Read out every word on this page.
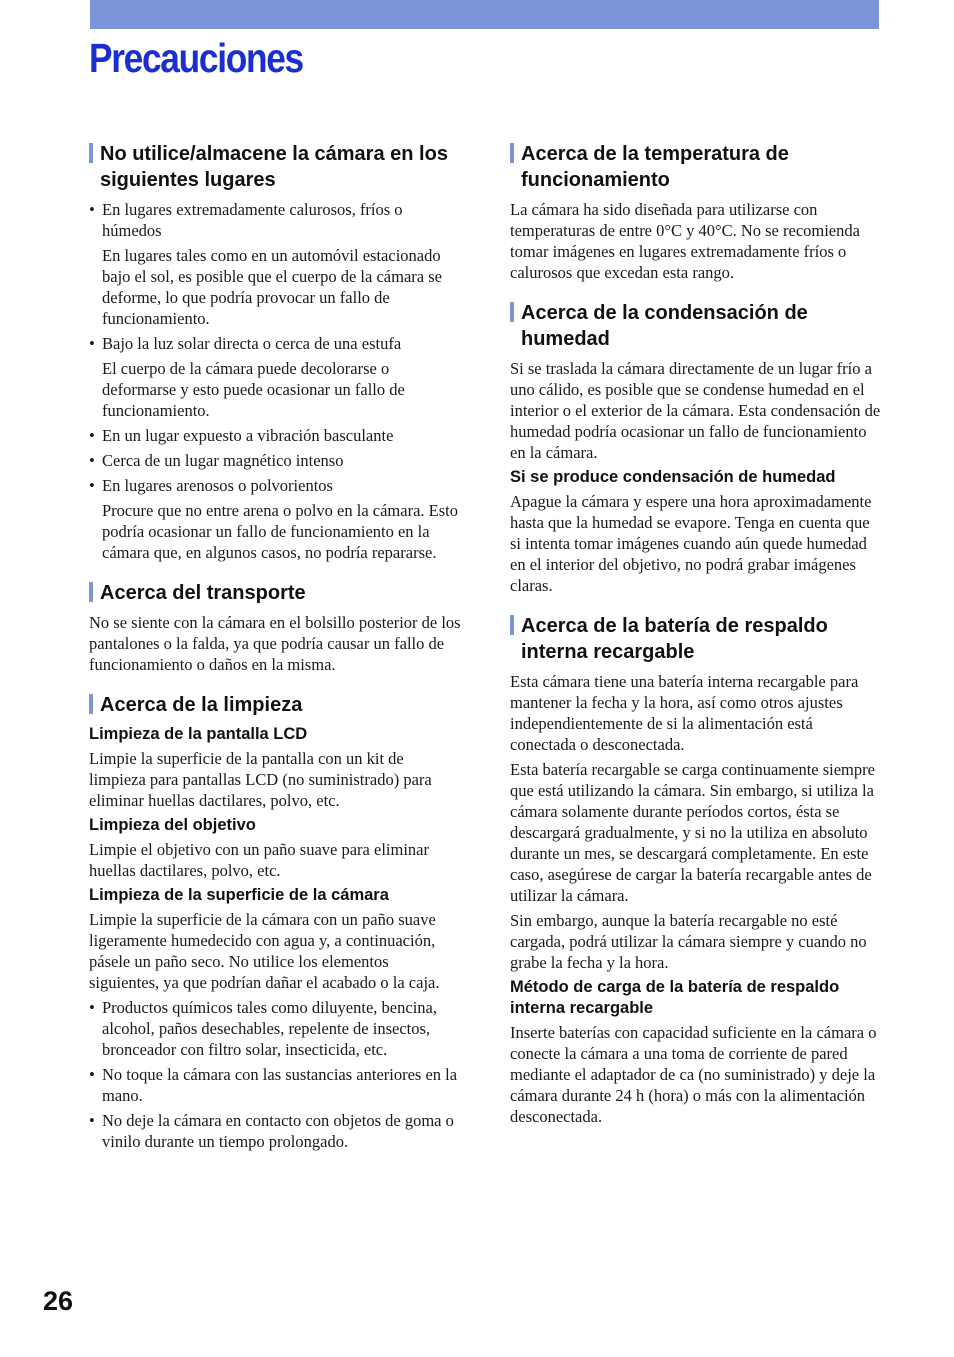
Precauciones
No utilice/almacene la cámara en los siguientes lugares
• En lugares extremadamente calurosos, fríos o húmedos
En lugares tales como en un automóvil estacionado bajo el sol, es posible que el cuerpo de la cámara se deforme, lo que podría provocar un fallo de funcionamiento.
• Bajo la luz solar directa o cerca de una estufa
El cuerpo de la cámara puede decolorarse o deformarse y esto puede ocasionar un fallo de funcionamiento.
• En un lugar expuesto a vibración basculante
• Cerca de un lugar magnético intenso
• En lugares arenosos o polvorientos
Procure que no entre arena o polvo en la cámara. Esto podría ocasionar un fallo de funcionamiento en la cámara que, en algunos casos, no podría repararse.
Acerca del transporte

No se siente con la cámara en el bolsillo posterior de los pantalones o la falda, ya que podría causar un fallo de funcionamiento o daños en la misma.

Acerca de la limpieza
Limpieza de la pantalla LCD

Limpie la superficie de la pantalla con un kit de limpieza para pantallas LCD (no suministrado) para eliminar huellas dactilares, polvo, etc.

Limpieza del objetivo

Limpie el objetivo con un paño suave para eliminar huellas dactilares, polvo, etc.

Limpieza de la superficie de la cámara

Limpie la superficie de la cámara con un paño suave ligeramente humedecido con agua y, a continuación, pásele un paño seco. No utilice los elementos siguientes, ya que podrían dañar el acabado o la caja.

• Productos químicos tales como diluyente, bencina, alcohol, paños desechables, repelente de insectos, bronceador con filtro solar, insecticida, etc.
• No toque la cámara con las sustancias anteriores en la mano.
• No deje la cámara en contacto con objetos de goma o vinilo durante un tiempo prolongado.
Acerca de la temperatura de funcionamiento

La cámara ha sido diseñada para utilizarse con temperaturas de entre 0°C y 40°C. No se recomienda tomar imágenes en lugares extremadamente fríos o calurosos que excedan esta rango.

Acerca de la condensación de humedad

Si se traslada la cámara directamente de un lugar frío a uno cálido, es posible que se condense humedad en el interior o el exterior de la cámara. Esta condensación de humedad podría ocasionar un fallo de funcionamiento en la cámara.

Si se produce condensación de humedad

Apague la cámara y espere una hora aproximadamente hasta que la humedad se evapore. Tenga en cuenta que si intenta tomar imágenes cuando aún quede humedad en el interior del objetivo, no podrá grabar imágenes claras.

Acerca de la batería de respaldo interna recargable

Esta cámara tiene una batería interna recargable para mantener la fecha y la hora, así como otros ajustes independientemente de si la alimentación está conectada o desconectada.

Esta batería recargable se carga continuamente siempre que está utilizando la cámara. Sin embargo, si utiliza la cámara solamente durante períodos cortos, ésta se descargará gradualmente, y si no la utiliza en absoluto durante un mes, se descargará completamente. En este caso, asegúrese de cargar la batería recargable antes de utilizar la cámara.

Sin embargo, aunque la batería recargable no esté cargada, podrá utilizar la cámara siempre y cuando no grabe la fecha y la hora.

Método de carga de la batería de respaldo interna recargable

Inserte baterías con capacidad suficiente en la cámara o conecte la cámara a una toma de corriente de pared mediante el adaptador de ca (no suministrado) y deje la cámara durante 24 h (hora) o más con la alimentación desconectada.

26
